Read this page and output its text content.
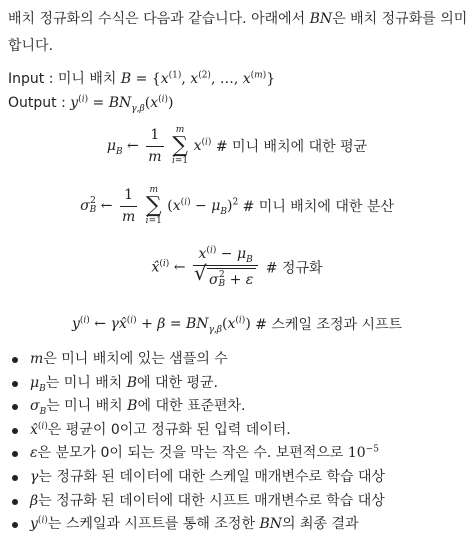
배치 정규화의 수식은 다음과 같습니다. 아래에서 BN은 배치 정규화를 의미합니다.
Input : 미니 배치 $B = \{x^{(1)}$, $x^{(2)}$, …, $x^{(m)}$}
Output : $y^{(i)} = BN_{\gamma,\beta}(x^{(i)})$
$\mu_B$ ← $\frac{1}{m}$
	m
∑
i=1
$x^{(i)}$ # 미니 배치에 대한 평균
σ 2
B ← $\frac{1}{m}$
	m
∑
i=1
$(x^{(i)} - \mu_B)^2$ # 미니 배치에 대한 분산
x̂$^{(i)}$ ← $x^{(i)} - \mu_B$
√ σ 2
B + ε # 정규화
$y^{(i)}$ ← γx̂$^{(i)}$ + $\beta = BN_{\gamma,\beta}(x^{(i)})$ # 스케일 조정과 시프트
m은 미니 배치에 있는 샘플의 수
$\mu_B$는 미니 배치 B에 대한 평균.
$\sigma_B$는 미니 배치 B에 대한 표준편차.
x̂$^{(i)}$은 평균이 0이고 정규화 된 입력 데이터.
ε은 분모가 0이 되는 것을 막는 작은 수. 보편적으로 $10^{-5}$
γ는 정규화 된 데이터에 대한 스케일 매개변수로 학습 대상
β는 정규화 된 데이터에 대한 시프트 매개변수로 학습 대상
$y^{(i)}$는 스케일과 시프트를 통해 조정한 BN의 최종 결과
